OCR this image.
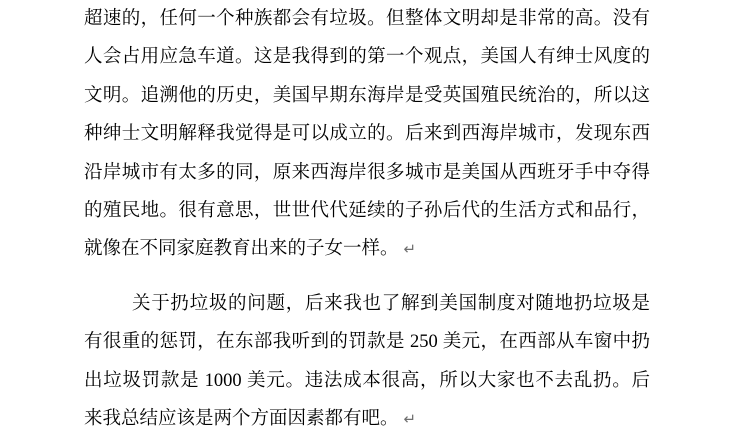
超速的，任何一个种族都会有垃圾。但整体文明却是非常的高。没有
人会占用应急车道。这是我得到的第一个观点，美国人有绅士风度的
文明。追溯他的历史，美国早期东海岸是受英国殖民统治的，所以这
种绅士文明解释我觉得是可以成立的。后来到西海岸城市，发现东西
沿岸城市有太多的同，原来西海岸很多城市是美国从西班牙手中夺得
的殖民地。很有意思，世世代代延续的子孙后代的生活方式和品行，
就像在不同家庭教育出来的子女一样。 ↵
关于扔垃圾的问题，后来我也了解到美国制度对随地扔垃圾是
有很重的惩罚，在东部我听到的罚款是 250 美元，在西部从车窗中扔
出垃圾罚款是 1000 美元。违法成本很高，所以大家也不去乱扔。后
来我总结应该是两个方面因素都有吧。 ↵
